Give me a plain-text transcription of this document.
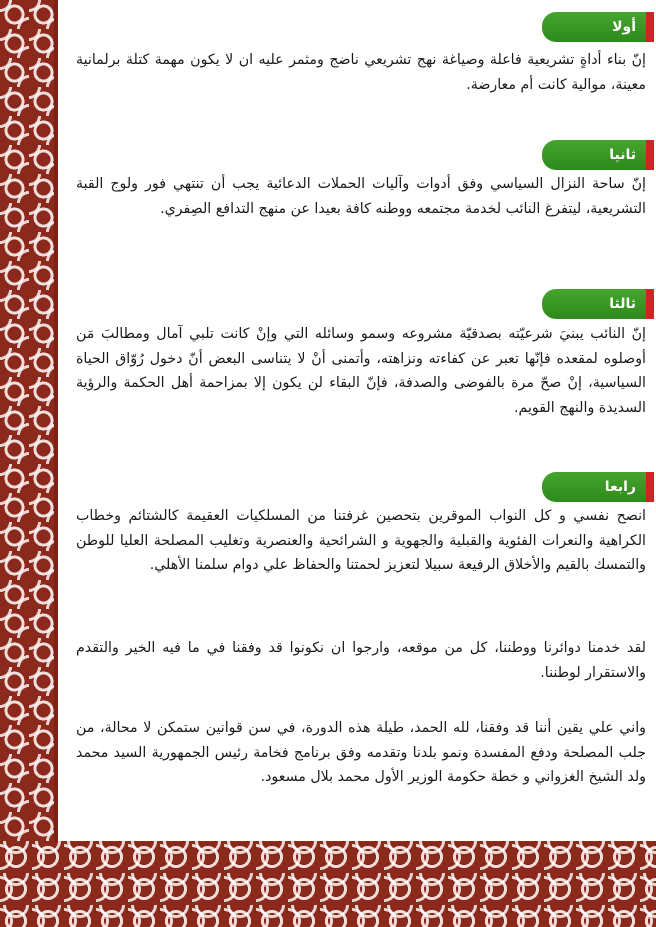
أولا

إنّ بناء أداةٍ تشريعية فاعلة وصياغة نهج تشريعي ناضج ومثمر عليه ان لا يكون مهمة كتلة برلمانية معينة، موالية كانت أم معارضة.

ثانيا

إنّ ساحة النزال السياسي وفق أدوات وآليات الحملات الدعائية يجب أن تنتهي فور ولوج القبة التشريعية، ليتفرغ النائب لخدمة مجتمعه ووطنه كافة بعيدا عن منهج التدافع الصِفري.

ثالثا

إنّ النائب يبنيَ شرعيّته بصدقيّة مشروعه وسمو وسائله التي وإنْ كانت تلبي آمال ومطالبَ مَن أوصلوه لمقعده فإنّها تعبر عن كفاءته ونزاهته، وأتمنى أنْ لا يتناسى البعض أنّ دخول رُوّاق الحياة السياسية، إنْ صحّ مرة بالفوضى والصدفة، فإنّ البقاء لن يكون إلا بمزاحمة أهل الحكمة والرؤية السديدة والنهج القويم.

رابعا

انصح نفسي و كل النواب الموقرين بتحصين غرفتنا من المسلكيات العقيمة كالشتائم وخطاب الكراهية والنعرات الفئوية والقبلية والجهوية و الشرائحية والعنصرية وتغليب المصلحة العليا للوطن والتمسك بالقيم والأخلاق الرفيعة سبيلا لتعزيز لحمتنا والحفاظ علي دوام سلمنا الأهلي.

لقد خدمنا دوائرنا ووطننا، كل من موقعه، وارجوا ان نكونوا قد وفقنا في ما فيه الخير والتقدم والاستقرار لوطننا.

واني علي يقين أننا قد وفقنا، لله الحمد، طيلة هذه الدورة، في سن قوانين ستمكن لا محالة، من جلب المصلحة ودفع المفسدة ونمو بلدنا وتقدمه وفق برنامج فخامة رئيس الجمهورية السيد محمد ولد الشيخ الغزواني و خطة حكومة الوزير الأول محمد بلال مسعود.
